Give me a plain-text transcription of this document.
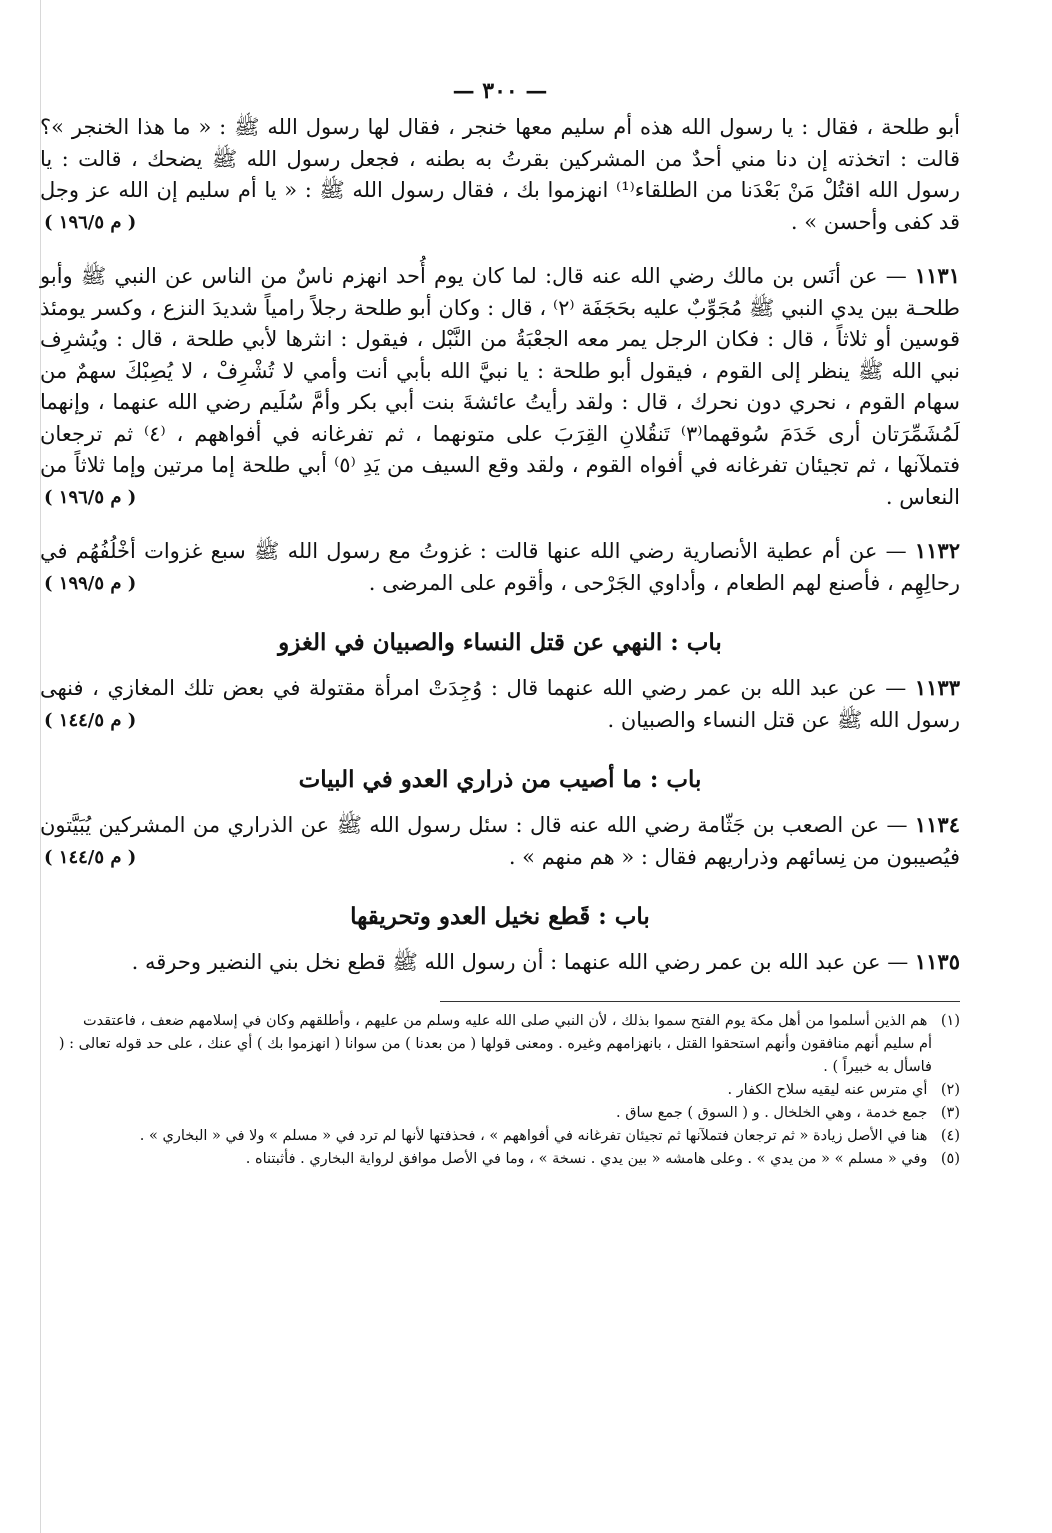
— ٣٠٠ —

أبو طلحة ، فقال : يا رسول الله هذه أم سليم معها خنجر ، فقال لها رسول الله ﷺ : « ما هذا الخنجر »؟ قالت : اتخذته إن دنا مني أحدٌ من المشركين بقرتُ به بطنه ، فجعل رسول الله ﷺ يضحك ، قالت : يا رسول الله اقتُلْ مَنْ بَعْدَنا من الطلقاء⁽¹⁾ انهزموا بك ، فقال رسول الله ﷺ : « يا أم سليم إن الله عز وجل قد كفى وأحسن » .
( م ١٩٦/٥ )

١١٣١ — عن أنَس بن مالك رضي الله عنه قال: لما كان يوم أُحد انهزم ناسٌ من الناس عن النبي ﷺ وأبو طلحـة بين يدي النبي ﷺ مُجَوِّبٌ عليه بحَجَفَة ⁽٢⁾ ، قال : وكان أبو طلحة رجلاً رامياً شديدَ النزع ، وكسر يومئذ قوسين أو ثلاثاً ، قال : فكان الرجل يمر معه الجعْبَةُ من النَّبْل ، فيقول : انثرها لأبي طلحة ، قال : ويُشرِف نبي الله ﷺ ينظر إلى القوم ، فيقول أبو طلحة : يا نبيَّ الله بأبي أنت وأمي لا تُشْرِفْ ، لا يُصِبْكَ سهمٌ من سهام القوم ، نحري دون نحرك ، قال : ولقد رأيتُ عائشةَ بنت أبي بكر وأمَّ سُلَيم رضي الله عنهما ، وإنهما لَمُشَمِّرَتان أرى خَدَمَ سُوقهما⁽٣⁾ تَنقُلانِ القِرَبَ على متونهما ، ثم تفرغانه في أفواههم ، ⁽٤⁾ ثم ترجعان فتملآنها ، ثم تجيئان تفرغانه في أفواه القوم ، ولقد وقع السيف من يَدِ ⁽٥⁾ أبي طلحة إما مرتين وإما ثلاثاً من النعاس .
( م ١٩٦/٥ )

١١٣٢ — عن أم عطية الأنصارية رضي الله عنها قالت : غزوتُ مع رسول الله ﷺ سبع غزوات أخْلُفُهُم في رحالِهِم ، فأصنع لهم الطعام ، وأداوي الجَرْحى ، وأقوم على المرضى .
( م ١٩٩/٥ )

باب : النهي عن قتل النساء والصبيان في الغزو

١١٣٣ — عن عبد الله بن عمر رضي الله عنهما قال : وُجِدَتْ امرأة مقتولة في بعض تلك المغازي ، فنهى رسول الله ﷺ عن قتل النساء والصبيان .
( م ١٤٤/٥ )

باب : ما أصيب من ذراري العدو في البيات

١١٣٤ — عن الصعب بن جَثّامة رضي الله عنه قال : سئل رسول الله ﷺ عن الذراري من المشركين يُبَيَّتون فيُصيبون من نِسائهم وذراريهم فقال : « هم منهم » .
( م ١٤٤/٥ )

باب : قَطع نخيل العدو وتحريقها

١١٣٥ — عن عبد الله بن عمر رضي الله عنهما : أن رسول الله ﷺ قطع نخل بني النضير وحرقه .

(١) هم الذين أسلموا من أهل مكة يوم الفتح سموا بذلك ، لأن النبي صلى الله عليه وسلم من عليهم ، وأطلقهم وكان في إسلامهم ضعف ، فاعتقدت

أم سليم أنهم منافقون وأنهم استحقوا القتل ، بانهزامهم وغيره . ومعنى قولها ( من بعدنا ) من سوانا ( انهزموا بك ) أي عنك ، على حد قوله تعالى : ( فاسأل به خبيراً ) .

(٢) أي مترس عنه ليقيه سلاح الكفار .

(٣) جمع خدمة ، وهي الخلخال . و ( السوق ) جمع ساق .

(٤) هنا في الأصل زيادة « ثم ترجعان فتملآنها ثم تجيئان تفرغانه في أفواههم » ، فحذفتها لأنها لم ترد في « مسلم » ولا في « البخاري » .

(٥) وفي « مسلم » « من يدي » . وعلى هامشه « بين يدي . نسخة » ، وما في الأصل موافق لرواية البخاري . فأثبتناه .
